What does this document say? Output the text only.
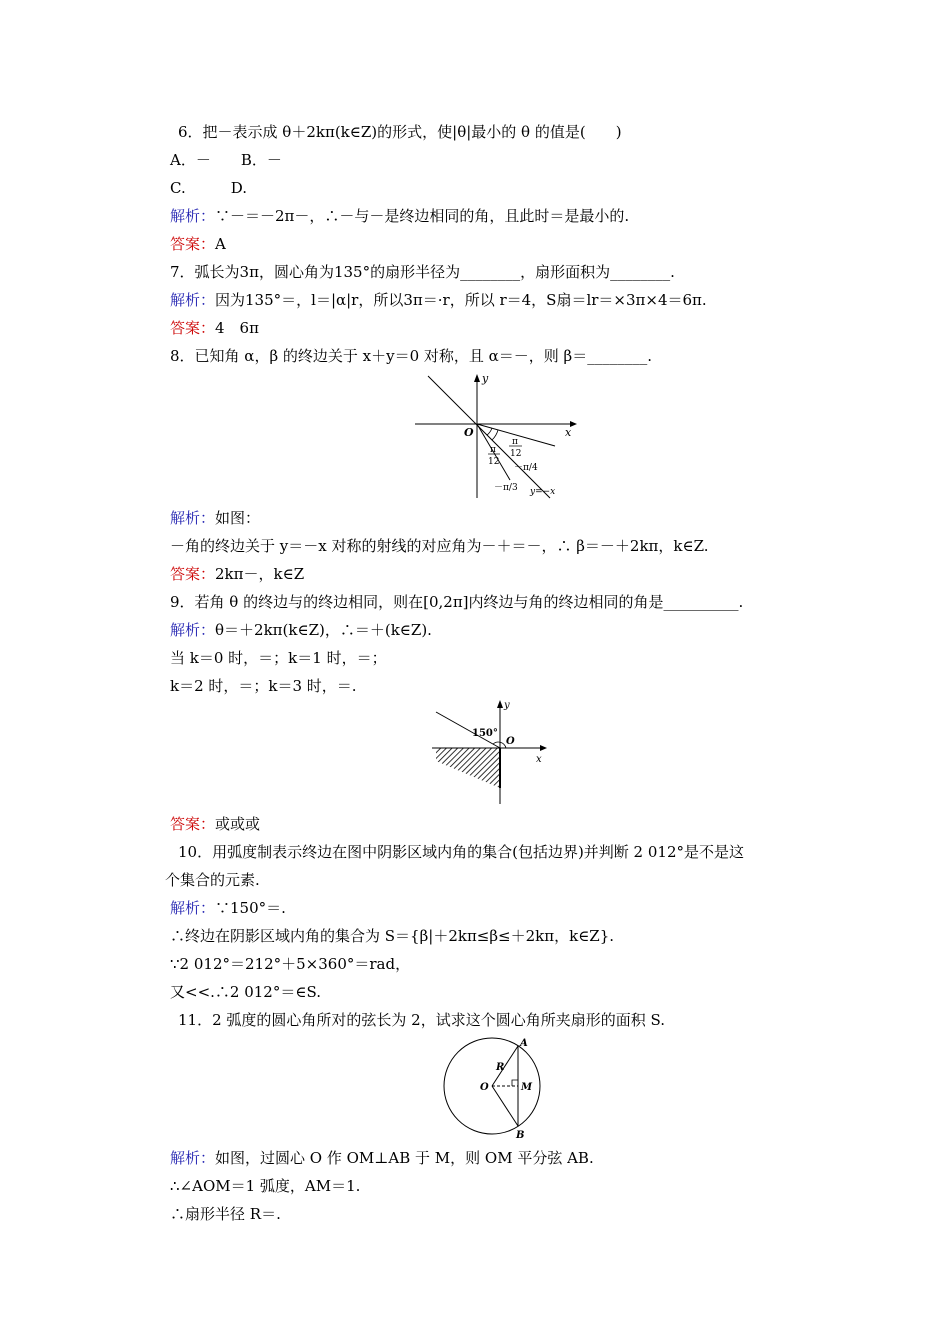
6．把－表示成 θ＋2kπ(k∈Z)的形式，使|θ|最小的 θ 的值是(　　)
A．－　　B．－
C.　　　D.
解析：∵－＝－2π－，∴－与－是终边相同的角，且此时＝是最小的.
答案：A
7．弧长为3π，圆心角为135°的扇形半径为________，扇形面积为________.
解析：因为135°＝，l＝|α|r，所以3π＝·r，所以 r＝4，S扇＝lr＝×3π×4＝6π.
答案：4　6π
8．已知角 α，β 的终边关于 x＋y＝0 对称，且 α＝－，则 β＝________.
x
y
O
π
12
π
12
－π/4
－π/3 y=−x
解析：如图：
－角的终边关于 y＝－x 对称的射线的对应角为－＋＝－，∴ β＝－＋2kπ，k∈Z.
答案：2kπ－，k∈Z
9．若角 θ 的终边与的终边相同，则在[0,2π]内终边与角的终边相同的角是__________.
解析：θ＝＋2kπ(k∈Z)，∴＝＋(k∈Z).
当 k＝0 时，＝；k＝1 时，＝；
k＝2 时，＝；k＝3 时，＝.
150°
O
x
y
答案：或或或
10．用弧度制表示终边在图中阴影区域内角的集合(包括边界)并判断 2 012°是不是这
个集合的元素.
解析：∵150°＝.
∴终边在阴影区域内角的集合为 S＝{β|＋2kπ≤β≤＋2kπ，k∈Z}.
∵2 012°＝212°＋5×360°＝rad，
又<<.∴2 012°＝∈S.
11．2 弧度的圆心角所对的弦长为 2，试求这个圆心角所夹扇形的面积 S.
A
B
O	M
R
解析：如图，过圆心 O 作 OM⊥AB 于 M，则 OM 平分弦 AB.
∴∠AOM＝1 弧度，AM＝1.
∴扇形半径 R＝.
